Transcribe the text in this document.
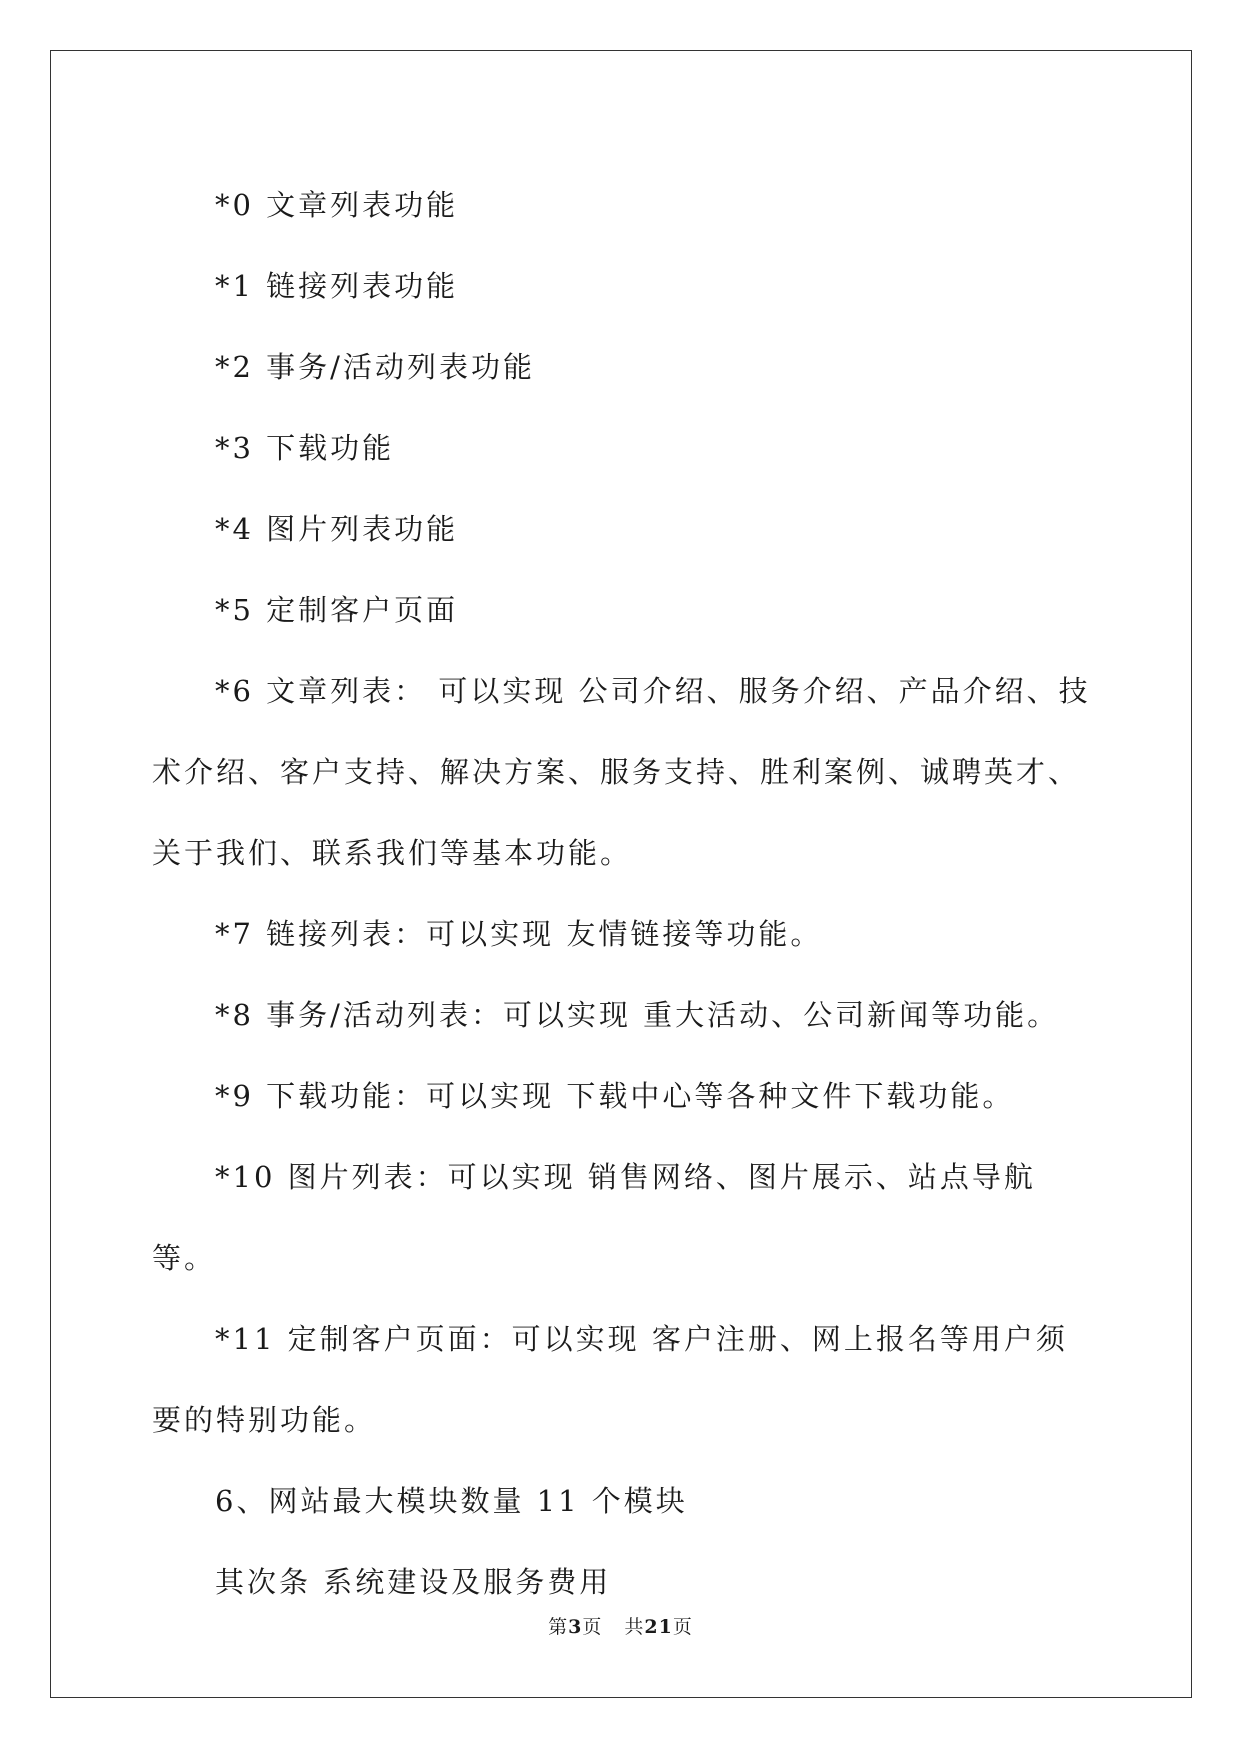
*0 文章列表功能

*1 链接列表功能

*2 事务/活动列表功能

*3 下载功能

*4 图片列表功能

*5 定制客户页面

*6 文章列表： 可以实现 公司介绍、服务介绍、产品介绍、技术介绍、客户支持、解决方案、服务支持、胜利案例、诚聘英才、关于我们、联系我们等基本功能。

*7 链接列表：可以实现 友情链接等功能。

*8 事务/活动列表：可以实现 重大活动、公司新闻等功能。

*9 下载功能：可以实现 下载中心等各种文件下载功能。

*10 图片列表：可以实现 销售网络、图片展示、站点导航等。

*11 定制客户页面：可以实现 客户注册、网上报名等用户须要的特别功能。

6、网站最大模块数量 11 个模块

其次条 系统建设及服务费用

第3页 共21页
